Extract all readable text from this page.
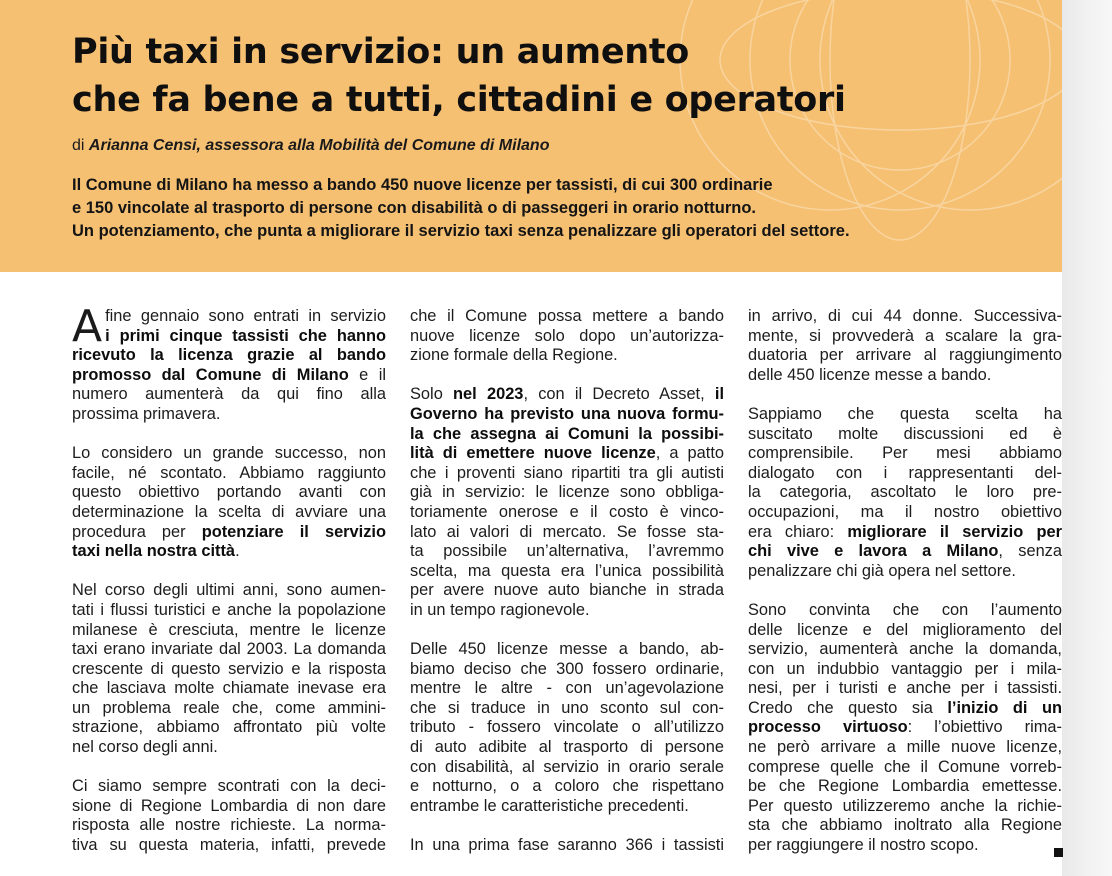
Più taxi in servizio: un aumento
che fa bene a tutti, cittadini e operatori
di Arianna Censi, assessora alla Mobilità del Comune di Milano
Il Comune di Milano ha messo a bando 450 nuove licenze per tassisti, di cui 300 ordinarie
e 150 vincolate al trasporto di persone con disabilità o di passeggeri in orario notturno.
Un potenziamento, che punta a migliorare il servizio taxi senza penalizzare gli operatori del settore.
A fine gennaio sono entrati in servizio
i primi cinque tassisti che hanno
ricevuto la licenza grazie al bando
promosso dal Comune di Milano e il
numero aumenterà da qui fino alla
prossima primavera.
Lo considero un grande successo, non
facile, né scontato. Abbiamo raggiunto
questo obiettivo portando avanti con
determinazione la scelta di avviare una
procedura per potenziare il servizio
taxi nella nostra città.
Nel corso degli ultimi anni, sono aumen-
tati i flussi turistici e anche la popolazione
milanese è cresciuta, mentre le licenze
taxi erano invariate dal 2003. La domanda
crescente di questo servizio e la risposta
che lasciava molte chiamate inevase era
un problema reale che, come ammini-
strazione, abbiamo affrontato più volte
nel corso degli anni.
Ci siamo sempre scontrati con la deci-
sione di Regione Lombardia di non dare
risposta alle nostre richieste. La norma-
tiva su questa materia, infatti, prevede
che il Comune possa mettere a bando
nuove licenze solo dopo un’autorizza-
zione formale della Regione.
Solo nel 2023, con il Decreto Asset, il
Governo ha previsto una nuova formu-
la che assegna ai Comuni la possibi-
lità di emettere nuove licenze, a patto
che i proventi siano ripartiti tra gli autisti
già in servizio: le licenze sono obbliga-
toriamente onerose e il costo è vinco-
lato ai valori di mercato. Se fosse sta-
ta possibile un’alternativa, l’avremmo
scelta, ma questa era l’unica possibilità
per avere nuove auto bianche in strada
in un tempo ragionevole.
Delle 450 licenze messe a bando, ab-
biamo deciso che 300 fossero ordinarie,
mentre le altre - con un’agevolazione
che si traduce in uno sconto sul con-
tributo - fossero vincolate o all’utilizzo
di auto adibite al trasporto di persone
con disabilità, al servizio in orario serale
e notturno, o a coloro che rispettano
entrambe le caratteristiche precedenti.
In una prima fase saranno 366 i tassisti
in arrivo, di cui 44 donne. Successiva-
mente, si provvederà a scalare la gra-
duatoria per arrivare al raggiungimento
delle 450 licenze messe a bando.
Sappiamo che questa scelta ha
suscitato molte discussioni ed è
comprensibile. Per mesi abbiamo
dialogato con i rappresentanti del-
la categoria, ascoltato le loro pre-
occupazioni, ma il nostro obiettivo
era chiaro: migliorare il servizio per
chi vive e lavora a Milano, senza
penalizzare chi già opera nel settore.
Sono convinta che con l’aumento
delle licenze e del miglioramento del
servizio, aumenterà anche la domanda,
con un indubbio vantaggio per i mila-
nesi, per i turisti e anche per i tassisti.
Credo che questo sia l’inizio di un
processo virtuoso: l’obiettivo rima-
ne però arrivare a mille nuove licenze,
comprese quelle che il Comune vorreb-
be che Regione Lombardia emettesse.
Per questo utilizzeremo anche la richie-
sta che abbiamo inoltrato alla Regione
per raggiungere il nostro scopo.
